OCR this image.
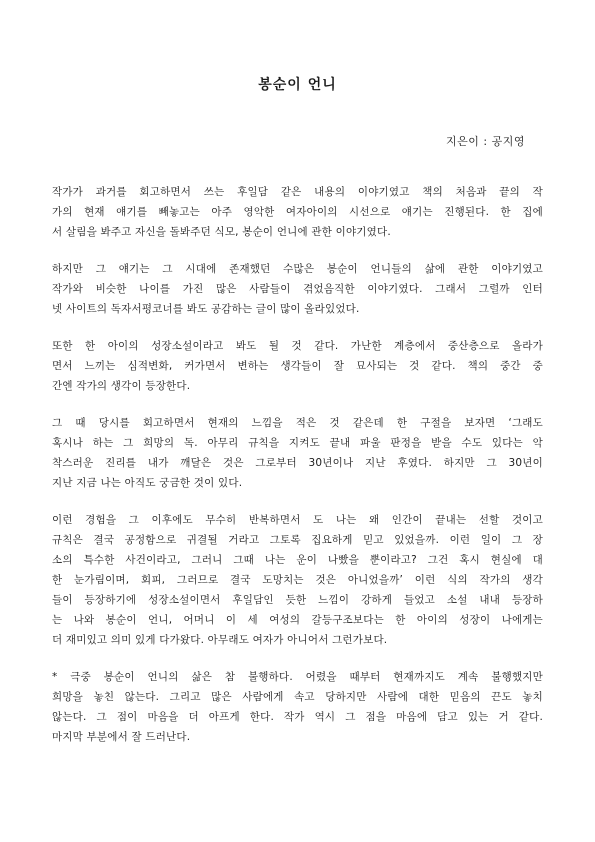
봉순이 언니
지은이 : 공지영
작가가 과거를 회고하면서 쓰는 후일담 같은 내용의 이야기였고 책의 처음과 끝의 작
가의 현재 얘기를 빼놓고는 아주 영악한 여자아이의 시선으로 얘기는 진행된다. 한 집에
서 살림을 봐주고 자신을 돌봐주던 식모, 봉순이 언니에 관한 이야기였다.
하지만 그 얘기는 그 시대에 존재했던 수많은 봉순이 언니들의 삶에 관한 이야기였고
작가와 비슷한 나이를 가진 많은 사람들이 겪었음직한 이야기였다. 그래서 그럴까 인터
넷 사이트의 독자서평코너를 봐도 공감하는 글이 많이 올라있었다.
또한 한 아이의 성장소설이라고 봐도 될 것 같다. 가난한 계층에서 중산층으로 올라가
면서 느끼는 심적변화, 커가면서 변하는 생각들이 잘 묘사되는 것 같다. 책의 중간 중
간엔 작가의 생각이 등장한다.
그 때 당시를 회고하면서 현재의 느낌을 적은 것 같은데 한 구절을 보자면 ‘그래도
혹시나 하는 그 희망의 독. 아무리 규칙을 지켜도 끝내 파울 판정을 받을 수도 있다는 악
착스러운 진리를 내가 깨달은 것은 그로부터 30년이나 지난 후였다. 하지만 그 30년이
지난 지금 나는 아직도 궁금한 것이 있다.
이런 경험을 그 이후에도 무수히 반복하면서 도 나는 왜 인간이 끝내는 선할 것이고
규칙은 결국 공정함으로 귀결될 거라고 그토록 집요하게 믿고 있었을까. 이런 일이 그 장
소의 특수한 사건이라고, 그러니 그때 나는 운이 나빴을 뿐이라고? 그건 혹시 현실에 대
한 눈가림이며, 회피, 그러므로 결국 도망치는 것은 아니었을까’ 이런 식의 작가의 생각
들이 등장하기에 성장소설이면서 후일담인 듯한 느낌이 강하게 들었고 소설 내내 등장하
는 나와 봉순이 언니, 어머니 이 세 여성의 갈등구조보다는 한 아이의 성장이 나에게는
더 재미있고 의미 있게 다가왔다. 아무래도 여자가 아니어서 그런가보다.
* 극중 봉순이 언니의 삶은 참 불행하다. 어렸을 때부터 현재까지도 계속 불행했지만
희망을 놓친 않는다. 그리고 많은 사람에게 속고 당하지만 사람에 대한 믿음의 끈도 놓치
않는다. 그 점이 마음을 더 아프게 한다. 작가 역시 그 점을 마음에 담고 있는 거 같다.
마지막 부분에서 잘 드러난다.
